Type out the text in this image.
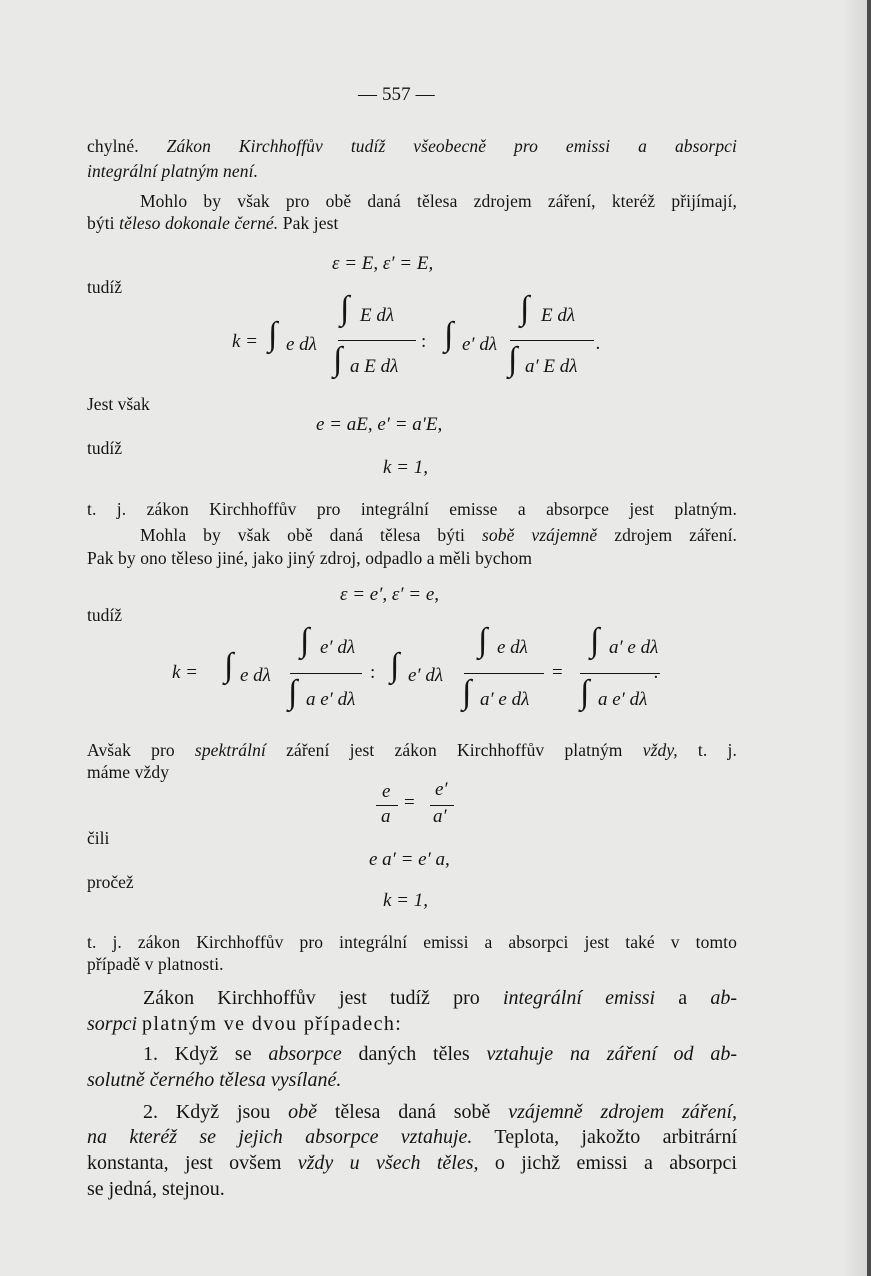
— 557 —
chylné. Zákon Kirchhoffův tudíž všeobecně pro emissi a absorpci
integrální platným není.
Mohlo by však pro obě daná tělesa zdrojem záření, kteréž přijímají,
býti těleso dokonale černé. Pak jest
ε = E, ε′ = E,
tudíž
k = ∫ e dλ
∫ E dλ
∫ a E dλ
: ∫ e′ dλ
∫ E dλ
∫ a′ E dλ
.
Jest však
e = aE, e′ = a′E,
tudíž
k = 1,
t. j. zákon Kirchhoffův pro integrální emisse a absorpce jest platným.
Mohla by však obě daná tělesa býti sobě vzájemně zdrojem záření.
Pak by ono těleso jiné, jako jiný zdroj, odpadlo a měli bychom
ε = e′, ε′ = e,
tudíž
k = ∫ e dλ
∫ e′ dλ
∫ a e′ dλ
: ∫ e′ dλ
∫ e dλ
∫ a′ e dλ
=
∫ a′ e dλ
∫ a e′ dλ
.
Avšak pro spektrální záření jest zákon Kirchhoffův platným vždy, t. j.
máme vždy
e
a
=
e′
a′
čili
e a′ = e′ a,
pročež
k = 1,
t. j. zákon Kirchhoffův pro integrální emissi a absorpci jest také v tomto
případě v platnosti.
Zákon Kirchhoffův jest tudíž pro integrální emissi a ab-
sorpci platným ve dvou případech:
1. Když se absorpce daných těles vztahuje na záření od ab-
solutně černého tělesa vysílané.
2. Když jsou obě tělesa daná sobě vzájemně zdrojem záření,
na kteréž se jejich absorpce vztahuje. Teplota, jakožto arbitrární
konstanta, jest ovšem vždy u všech těles, o jichž emissi a absorpci
se jedná, stejnou.
